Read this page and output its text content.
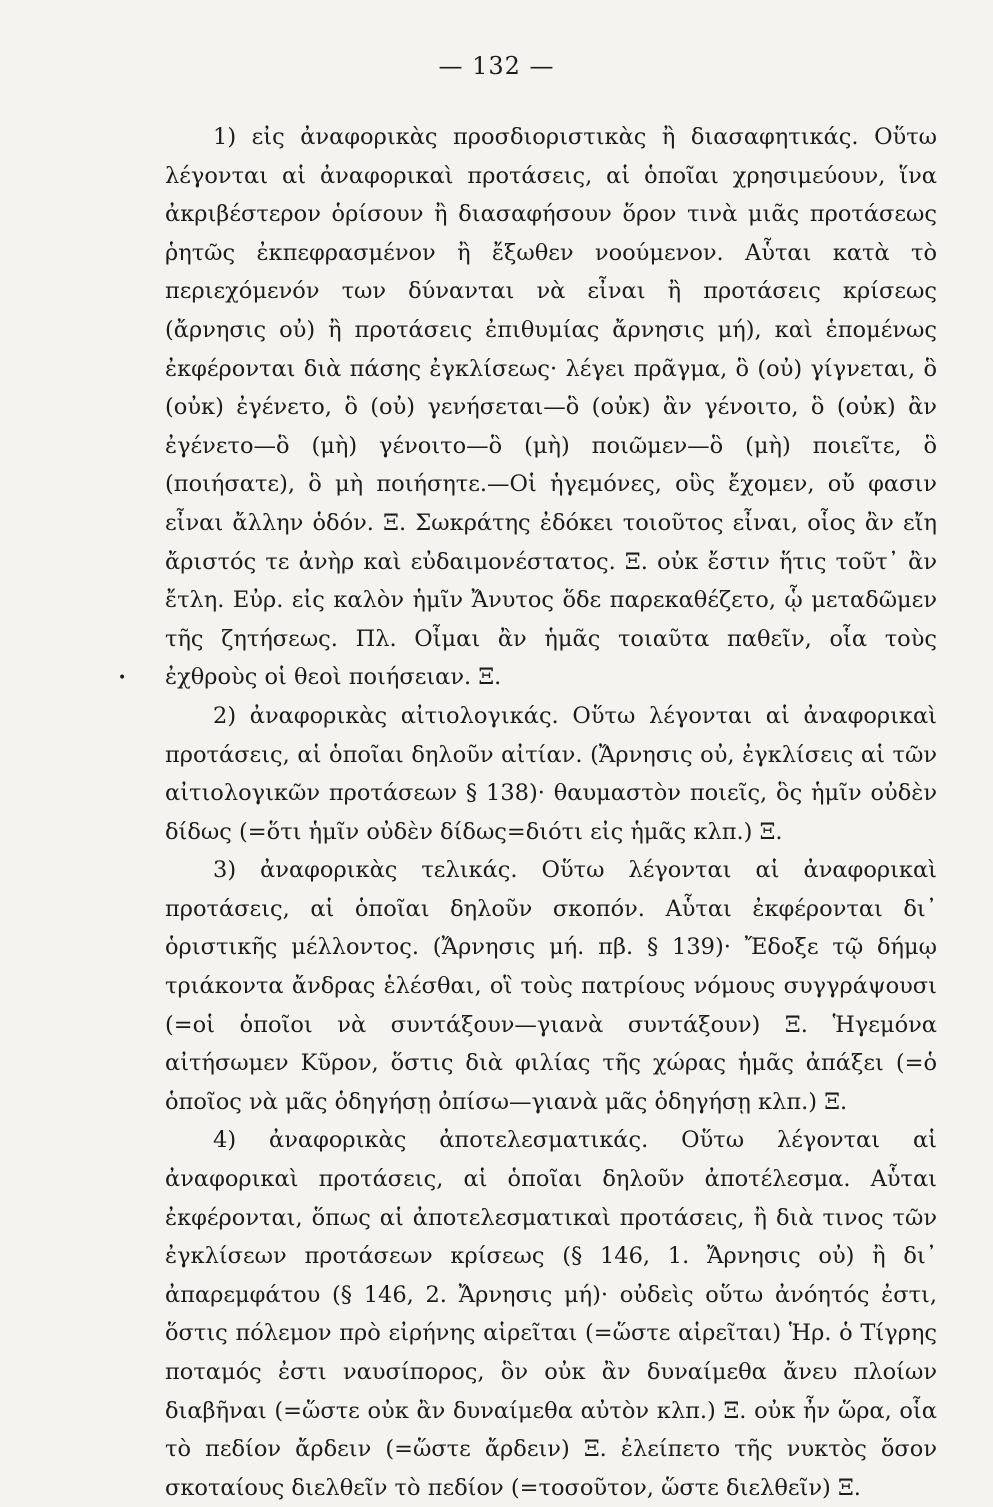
— 132 —
•

1) εἰς ἀναφορικὰς προσδιοριστικὰς ἢ διασαφητικάς. Οὕτω λέγονται αἱ ἀναφορικαὶ προτάσεις, αἱ ὁποῖαι χρησιμεύουν, ἵνα ἀκριβέστερον ὁρίσουν ἢ διασαφήσουν ὅρον τινὰ μιᾶς προτάσεως ῥητῶς ἐκπεφρασμένον ἢ ἔξωθεν νοούμενον. Αὗται κατὰ τὸ περιεχόμενόν των δύνανται νὰ εἶναι ἢ προτάσεις κρίσεως (ἄρνησις οὐ) ἢ προτάσεις ἐπιθυμίας ἄρνησις μή), καὶ ἑπομένως ἐκφέρονται διὰ πάσης ἐγκλίσεως· λέγει πρᾶγμα, ὃ (οὐ) γίγνεται, ὃ (οὐκ) ἐγένετο, ὃ (οὐ) γενήσεται—ὃ (οὐκ) ἂν γένοιτο, ὃ (οὐκ) ἂν ἐγένετο—ὃ (μὴ) γένοιτο—ὃ (μὴ) ποιῶμεν—ὃ (μὴ) ποιεῖτε, ὃ (ποιήσατε), ὃ μὴ ποιήσητε.—Οἱ ἡγεμόνες, οὓς ἔχομεν, οὔ φασιν εἶναι ἄλλην ὁδόν. Ξ. Σωκράτης ἐδόκει τοιοῦτος εἶναι, οἷος ἂν εἴη ἄριστός τε ἀνὴρ καὶ εὐδαιμονέστατος. Ξ. οὐκ ἔστιν ἥτις τοῦτ᾽ ἂν ἔτλη. Εὐρ. εἰς καλὸν ἡμῖν Ἄνυτος ὅδε παρεκαθέζετο, ᾧ μεταδῶμεν τῆς ζητήσεως. Πλ. Οἶμαι ἂν ἡμᾶς τοιαῦτα παθεῖν, οἷα τοὺς ἐχθροὺς οἱ θεοὶ ποιήσειαν. Ξ.

2) ἀναφορικὰς αἰτιολογικάς. Οὕτω λέγονται αἱ ἀναφορικαὶ προτάσεις, αἱ ὁποῖαι δηλοῦν αἰτίαν. (Ἄρνησις οὐ, ἐγκλίσεις αἱ τῶν αἰτιολογικῶν προτάσεων § 138)· θαυμαστὸν ποιεῖς, ὃς ἡμῖν οὐδὲν δίδως (=ὅτι ἡμῖν οὐδὲν δίδως=διότι εἰς ἡμᾶς κλπ.) Ξ.

3) ἀναφορικὰς τελικάς. Οὕτω λέγονται αἱ ἀναφορικαὶ προτάσεις, αἱ ὁποῖαι δηλοῦν σκοπόν. Αὗται ἐκφέρονται δι᾽ ὁριστικῆς μέλλοντος. (Ἄρνησις μή. πβ. § 139)· Ἔδοξε τῷ δήμῳ τριάκοντα ἄνδρας ἑλέσθαι, οἳ τοὺς πατρίους νόμους συγγράψουσι (=οἱ ὁποῖοι νὰ συντάξουν—γιανὰ συντάξουν) Ξ. Ἡγεμόνα αἰτήσωμεν Κῦρον, ὅστις διὰ φιλίας τῆς χώρας ἡμᾶς ἀπάξει (=ὁ ὁποῖος νὰ μᾶς ὁδηγήσῃ ὀπίσω—γιανὰ μᾶς ὁδηγήσῃ κλπ.) Ξ.

4) ἀναφορικὰς ἀποτελεσματικάς. Οὕτω λέγονται αἱ ἀναφορικαὶ προτάσεις, αἱ ὁποῖαι δηλοῦν ἀποτέλεσμα. Αὗται ἐκφέρονται, ὅπως αἱ ἀποτελεσματικαὶ προτάσεις, ἢ διὰ τινος τῶν ἐγκλίσεων προτάσεων κρίσεως (§ 146, 1. Ἄρνησις οὐ) ἢ δι᾽ ἀπαρεμφάτου (§ 146, 2. Ἄρνησις μή)· οὐδεὶς οὕτω ἀνόητός ἐστι, ὅστις πόλεμον πρὸ εἰρήνης αἱρεῖται (=ὥστε αἱρεῖται) Ἡρ. ὁ Τίγρης ποταμός ἐστι ναυσίπορος, ὃν οὐκ ἂν δυναίμεθα ἄνευ πλοίων διαβῆναι (=ὥστε οὐκ ἂν δυναίμεθα αὐτὸν κλπ.) Ξ. οὐκ ἦν ὥρα, οἷα τὸ πεδίον ἄρδειν (=ὥστε ἄρδειν) Ξ. ἐλείπετο τῆς νυκτὸς ὅσον σκοταίους διελθεῖν τὸ πεδίον (=τοσοῦτον, ὥστε διελθεῖν) Ξ.
